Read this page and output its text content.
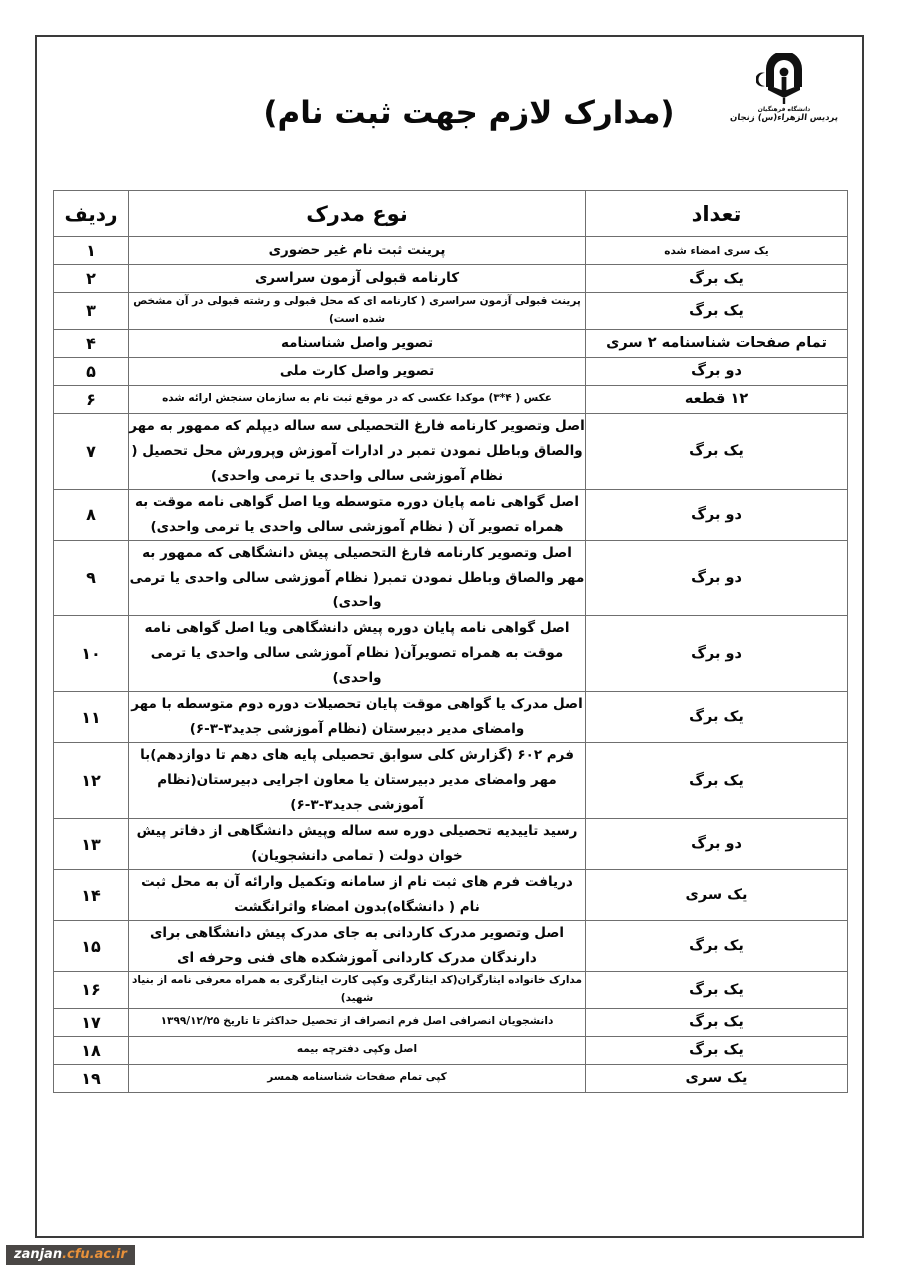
دانشگاه فرهنگیان
پردیس الزهراء(س) زنجان
(مدارک لازم جهت ثبت نام)
تعداد	نوع مدرک	ردیف
یک سری امضاء شده	پرینت ثبت نام غیر حضوری	۱
یک برگ	کارنامه قبولی آزمون سراسری	۲
یک برگ	پرینت قبولی آزمون سراسری ( کارنامه ای که محل قبولی و رشته قبولی در آن مشخص شده است)	۳
تمام صفحات شناسنامه ۲ سری	تصویر واصل شناسنامه	۴
دو برگ	تصویر واصل کارت ملی	۵
۱۲ قطعه	عکس ( ۴*۳) موکدا عکسی که در موقع ثبت نام به سازمان سنجش ارائه شده	۶
یک برگ	اصل وتصویر کارنامه فارغ التحصیلی سه ساله دیپلم که ممهور به مهر والصاق وباطل نمودن تمبر در ادارات آموزش وپرورش محل تحصیل ( نظام آموزشی سالی واحدی یا ترمی واحدی)	۷
دو برگ	اصل گواهی نامه پایان دوره متوسطه ویا اصل گواهی نامه موقت به همراه تصویر آن ( نظام آموزشی سالی واحدی یا ترمی واحدی)	۸
دو برگ	اصل وتصویر کارنامه فارغ التحصیلی پیش دانشگاهی که ممهور به مهر والصاق وباطل نمودن تمبر( نظام آموزشی سالی واحدی یا ترمی واحدی)	۹
دو برگ	اصل گواهی نامه پایان دوره پیش دانشگاهی ویا اصل گواهی نامه موقت به همراه تصویرآن( نظام آموزشی سالی واحدی یا ترمی واحدی)	۱۰
یک برگ	اصل مدرک یا گواهی موقت پایان تحصیلات دوره دوم متوسطه با مهر وامضای مدیر دبیرستان (نظام آموزشی جدید۳-۳-۶)	۱۱
یک برگ	فرم ۶۰۲ (گزارش کلی سوابق تحصیلی پایه های دهم تا دوازدهم)با مهر وامضای مدیر دبیرستان یا معاون اجرایی دبیرستان(نظام آموزشی جدید۳-۳-۶)	۱۲
دو برگ	رسید تاییدیه تحصیلی دوره سه ساله وپیش دانشگاهی از دفاتر پیش خوان دولت ( تمامی دانشجویان)	۱۳
یک سری	دریافت فرم های ثبت نام از سامانه وتکمیل وارائه آن به محل ثبت نام ( دانشگاه)بدون امضاء واثرانگشت	۱۴
یک برگ	اصل وتصویر مدرک کاردانی به جای مدرک پیش دانشگاهی برای دارندگان مدرک کاردانی آموزشکده های فنی وحرفه ای	۱۵
یک برگ	مدارک خانواده ایثارگران(کد ایثارگری وکپی کارت ایثارگری به همراه معرفی نامه از بنیاد شهید)	۱۶
یک برگ	دانشجویان انصرافی اصل فرم انصراف از تحصیل حداکثر تا تاریخ ۱۳۹۹/۱۲/۲۵	۱۷
یک برگ	اصل وکپی دفترچه بیمه	۱۸
یک سری	کپی تمام صفحات شناسنامه همسر	۱۹
zanjan.cfu.ac.ir
